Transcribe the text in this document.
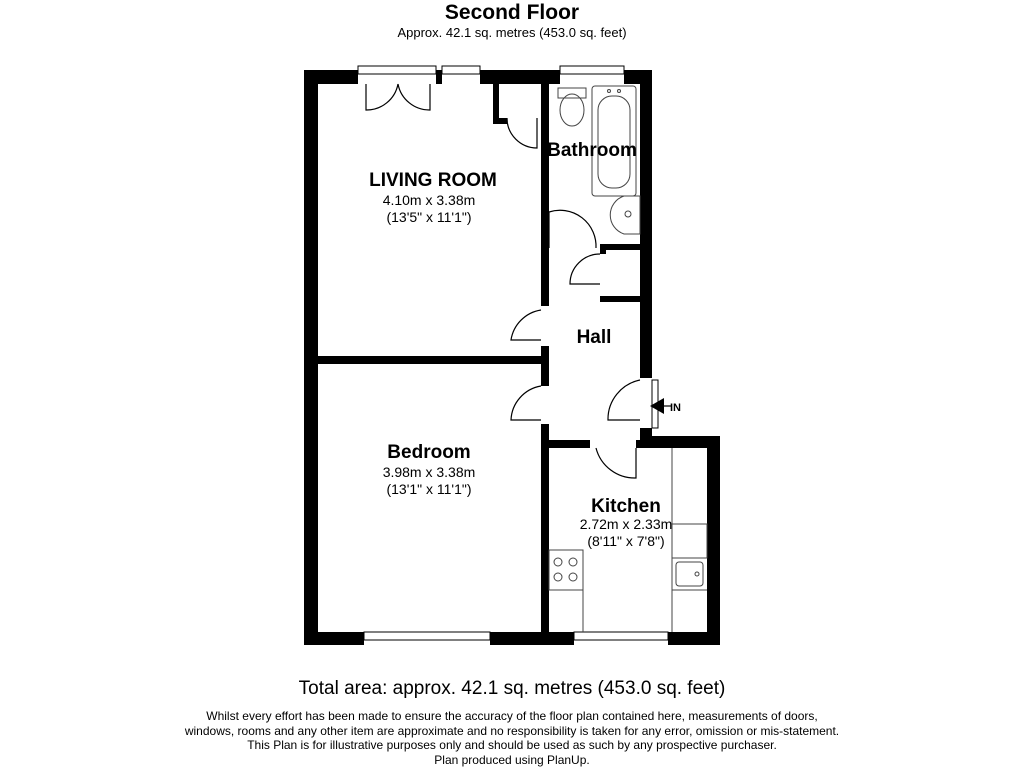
Second Floor
Approx. 42.1 sq. metres (453.0 sq. feet)
IN
LIVING ROOM
4.10m x 3.38m
(13'5" x 11'1")
Bathroom
Hall
Bedroom
3.98m x 3.38m
(13'1" x 11'1")
Kitchen
2.72m x 2.33m
(8'11" x 7'8")
Total area: approx. 42.1 sq. metres (453.0 sq. feet)
Whilst every effort has been made to ensure the accuracy of the floor plan contained here, measurements of doors,
windows, rooms and any other item are approximate and no responsibility is taken for any error, omission or mis-statement.
This Plan is for illustrative purposes only and should be used as such by any prospective purchaser.
Plan produced using PlanUp.
